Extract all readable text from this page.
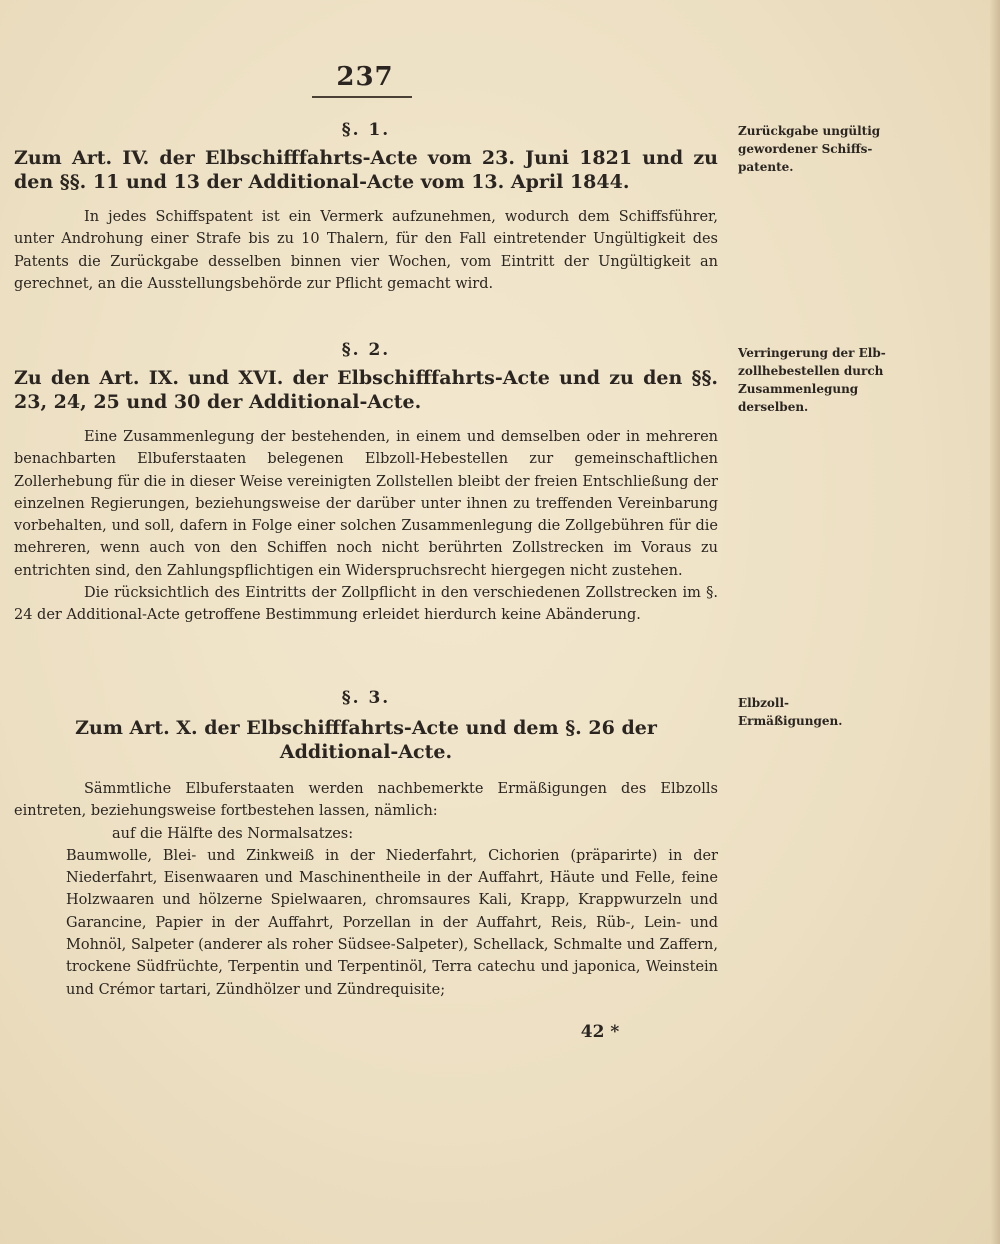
237
§. 1.
Zum Art. IV. der Elbschifffahrts-Acte vom 23. Juni 1821 und zu den §§. 11 und 13 der Additional-Acte vom 13. April 1844.
In jedes Schiffspatent ist ein Vermerk aufzunehmen, wodurch dem Schiffsführer, unter Androhung einer Strafe bis zu 10 Thalern, für den Fall eintretender Ungültigkeit des Patents die Zurückgabe desselben binnen vier Wochen, vom Eintritt der Ungültigkeit an gerechnet, an die Ausstellungsbehörde zur Pflicht gemacht wird.
§. 2.
Zu den Art. IX. und XVI. der Elbschifffahrts-Acte und zu den §§. 23, 24, 25 und 30 der Additional-Acte.
Eine Zusammenlegung der bestehenden, in einem und demselben oder in mehreren benachbarten Elbuferstaaten belegenen Elbzoll-Hebestellen zur gemeinschaftlichen Zollerhebung für die in dieser Weise vereinigten Zollstellen bleibt der freien Entschließung der einzelnen Regierungen, beziehungsweise der darüber unter ihnen zu treffenden Vereinbarung vorbehalten, und soll, dafern in Folge einer solchen Zusammenlegung die Zollgebühren für die mehreren, wenn auch von den Schiffen noch nicht berührten Zollstrecken im Voraus zu entrichten sind, den Zahlungspflichtigen ein Widerspruchsrecht hiergegen nicht zustehen.
Die rücksichtlich des Eintritts der Zollpflicht in den verschiedenen Zollstrecken im §. 24 der Additional-Acte getroffene Bestimmung erleidet hierdurch keine Abänderung.
§. 3.
Zum Art. X. der Elbschifffahrts-Acte und dem §. 26 der Additional-Acte.
Sämmtliche Elbuferstaaten werden nachbemerkte Ermäßigungen des Elbzolls eintreten, beziehungsweise fortbestehen lassen, nämlich:
auf die Hälfte des Normalsatzes:
Baumwolle, Blei- und Zinkweiß in der Niederfahrt, Cichorien (präparirte) in der Niederfahrt, Eisenwaaren und Maschinentheile in der Auffahrt, Häute und Felle, feine Holzwaaren und hölzerne Spielwaaren, chromsaures Kali, Krapp, Krappwurzeln und Garancine, Papier in der Auffahrt, Porzellan in der Auffahrt, Reis, Rüb-, Lein- und Mohnöl, Salpeter (anderer als roher Südsee-Salpeter), Schellack, Schmalte und Zaffern, trockene Südfrüchte, Terpentin und Terpentinöl, Terra catechu und japonica, Weinstein und Crémor tartari, Zündhölzer und Zündrequisite;
Zurückgabe ungültig gewordener Schiffs-patente.
Verringerung der Elb-zollhebestellen durch Zusammenlegung derselben.
Elbzoll-Ermäßigungen.
42 *
